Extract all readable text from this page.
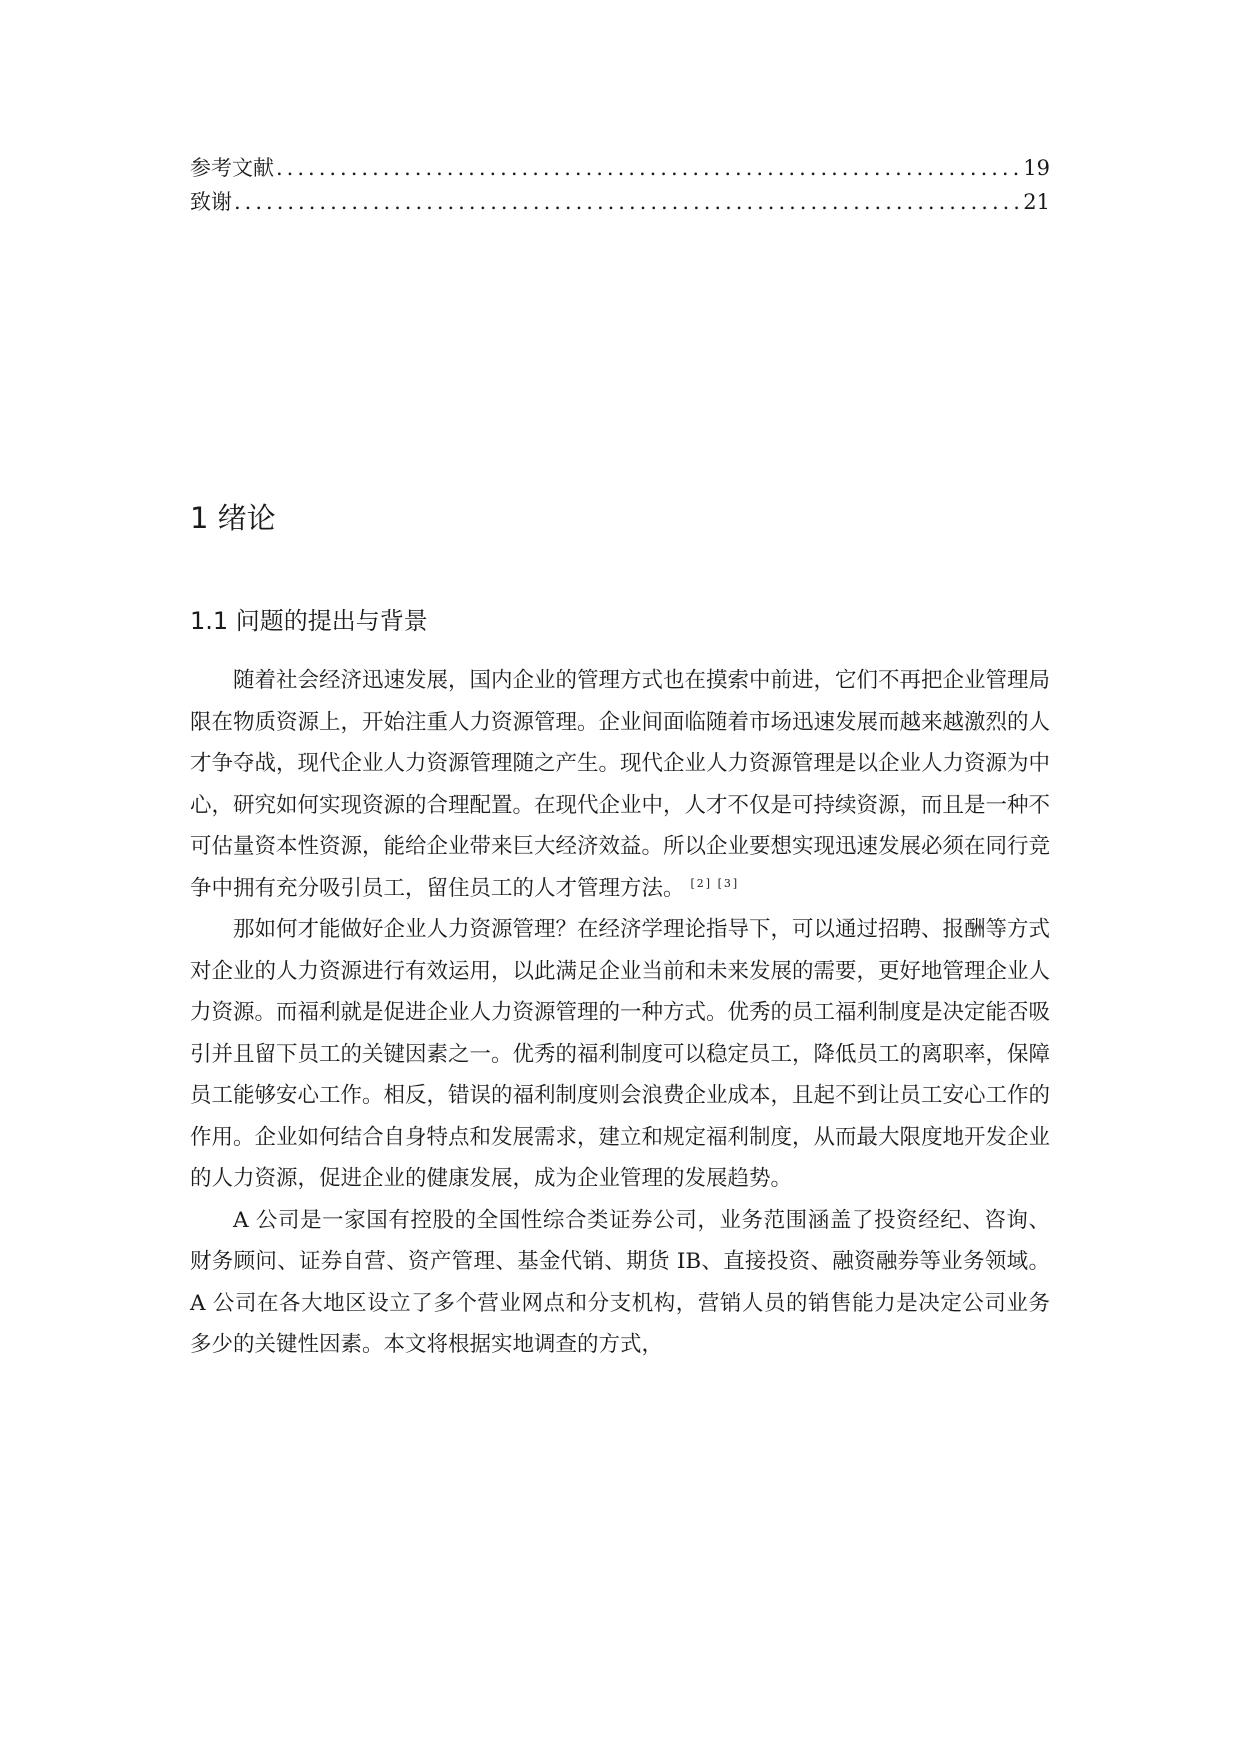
参考文献 .....	19
致谢 .....	21
1 绪论
1.1 问题的提出与背景

随着社会经济迅速发展，国内企业的管理方式也在摸索中前进，它们不再把企业管理局限在物质资源上，开始注重人力资源管理。企业间面临随着市场迅速发展而越来越激烈的人才争夺战，现代企业人力资源管理随之产生。现代企业人力资源管理是以企业人力资源为中心，研究如何实现资源的合理配置。在现代企业中，人才不仅是可持续资源，而且是一种不可估量资本性资源，能给企业带来巨大经济效益。所以企业要想实现迅速发展必须在同行竞争中拥有充分吸引员工，留住员工的人才管理方法。 [2] [3]

那如何才能做好企业人力资源管理？在经济学理论指导下，可以通过招聘、报酬等方式对企业的人力资源进行有效运用，以此满足企业当前和未来发展的需要，更好地管理企业人力资源。而福利就是促进企业人力资源管理的一种方式。优秀的员工福利制度是决定能否吸引并且留下员工的关键因素之一。优秀的福利制度可以稳定员工，降低员工的离职率，保障员工能够安心工作。相反，错误的福利制度则会浪费企业成本，且起不到让员工安心工作的作用。企业如何结合自身特点和发展需求，建立和规定福利制度，从而最大限度地开发企业的人力资源，促进企业的健康发展，成为企业管理的发展趋势。

A 公司是一家国有控股的全国性综合类证券公司，业务范围涵盖了投资经纪、咨询、财务顾问、证券自营、资产管理、基金代销、期货 IB、直接投资、融资融券等业务领域。A 公司在各大地区设立了多个营业网点和分支机构，营销人员的销售能力是决定公司业务多少的关键性因素。本文将根据实地调查的方式，
